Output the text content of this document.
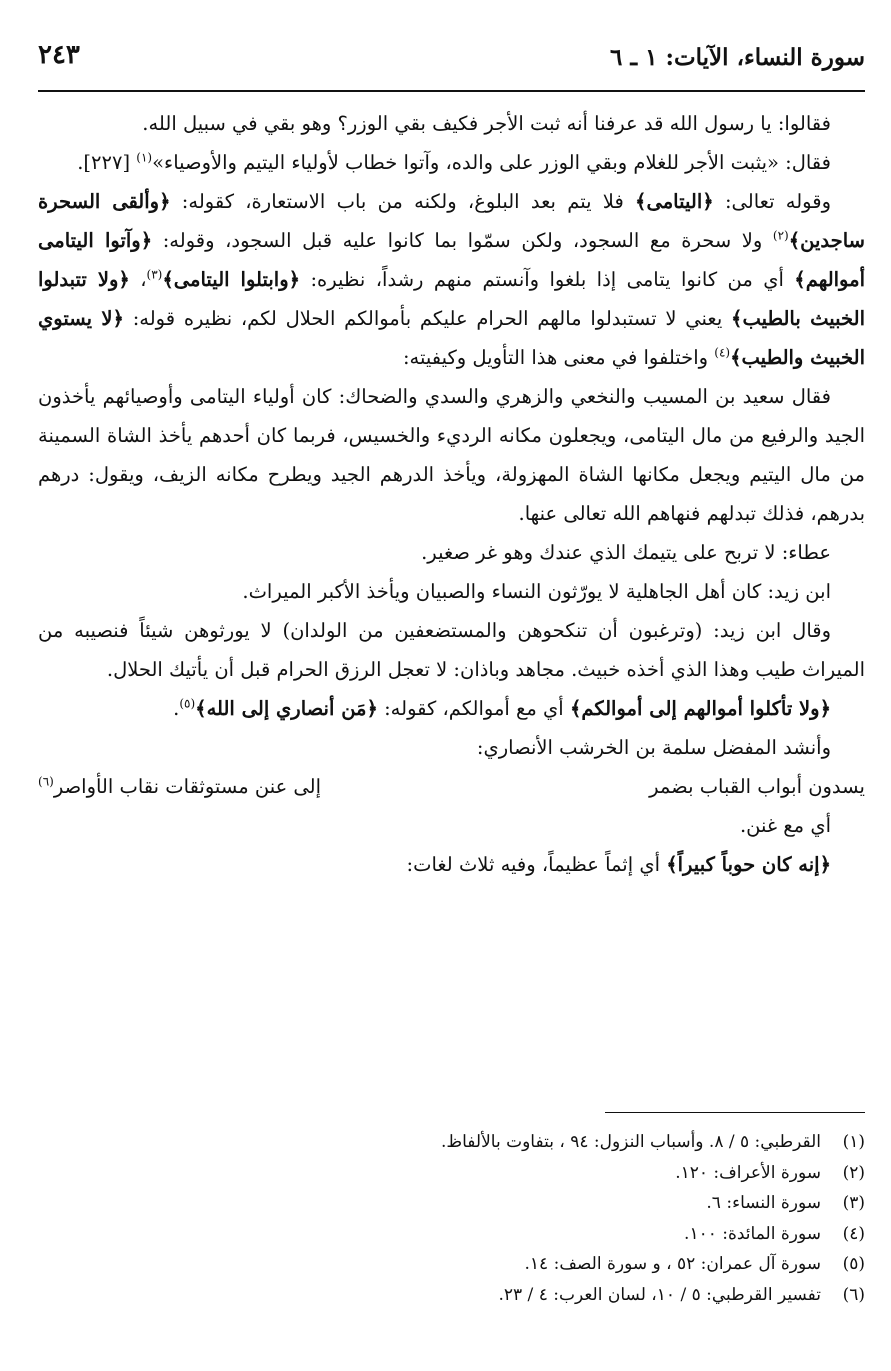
سورة النساء، الآيات: ١ ـ ٦
٢٤٣

فقالوا: يا رسول الله قد عرفنا أنه ثبت الأجر فكيف بقي الوزر؟ وهو بقي في سبيل الله.

فقال: «يثبت الأجر للغلام وبقي الوزر على والده، وآتوا خطاب لأولياء اليتيم والأوصياء»$^{(١)}$ [٢٢٧].

وقوله تعالى: ﴿اليتامى﴾ فلا يتم بعد البلوغ، ولكنه من باب الاستعارة، كقوله: ﴿وألقى السحرة ساجدين﴾$^{(٢)}$ ولا سحرة مع السجود، ولكن سمّوا بما كانوا عليه قبل السجود، وقوله: ﴿وآتوا اليتامى أموالهم﴾ أي من كانوا يتامى إذا بلغوا وآنستم منهم رشداً، نظيره: ﴿وابتلوا اليتامى﴾$^{(٣)}$، ﴿ولا تتبدلوا الخبيث بالطيب﴾ يعني لا تستبدلوا مالهم الحرام عليكم بأموالكم الحلال لكم، نظيره قوله: ﴿لا يستوي الخبيث والطيب﴾$^{(٤)}$ واختلفوا في معنى هذا التأويل وكيفيته:

فقال سعيد بن المسيب والنخعي والزهري والسدي والضحاك: كان أولياء اليتامى وأوصيائهم يأخذون الجيد والرفيع من مال اليتامى، ويجعلون مكانه الرديء والخسيس، فربما كان أحدهم يأخذ الشاة السمينة من مال اليتيم ويجعل مكانها الشاة المهزولة، ويأخذ الدرهم الجيد ويطرح مكانه الزيف، ويقول: درهم بدرهم، فذلك تبدلهم فنهاهم الله تعالى عنها.

عطاء: لا تربح على يتيمك الذي عندك وهو غر صغير.

ابن زيد: كان أهل الجاهلية لا يورّثون النساء والصبيان ويأخذ الأكبر الميراث.

وقال ابن زيد: (وترغبون أن تنكحوهن والمستضعفين من الولدان) لا يورثوهن شيئاً فنصيبه من الميراث طيب وهذا الذي أخذه خبيث. مجاهد وباذان: لا تعجل الرزق الحرام قبل أن يأتيك الحلال.

﴿ولا تأكلوا أموالهم إلى أموالكم﴾ أي مع أموالكم، كقوله: ﴿مَن أنصاري إلى الله﴾$^{(٥)}$.

وأنشد المفضل سلمة بن الخرشب الأنصاري:

يسدون أبواب القباب بضمر
إلى عنن مستوثقات نقاب الأواصر$^{(٦)}$

أي مع غنن.

﴿إنه كان حوباً كبيراً﴾ أي إثماً عظيماً، وفيه ثلاث لغات:

(١)
القرطبي: ٥ / ٨. وأسباب النزول: ٩٤ ، بتفاوت بالألفاظ.
(٢)
سورة الأعراف: ١٢٠.
(٣)
سورة النساء: ٦.
(٤)
سورة المائدة: ١٠٠.
(٥)
سورة آل عمران: ٥٢ ، و سورة الصف: ١٤.
(٦)
تفسير القرطبي: ٥ / ١٠، لسان العرب: ٤ / ٢٣.
